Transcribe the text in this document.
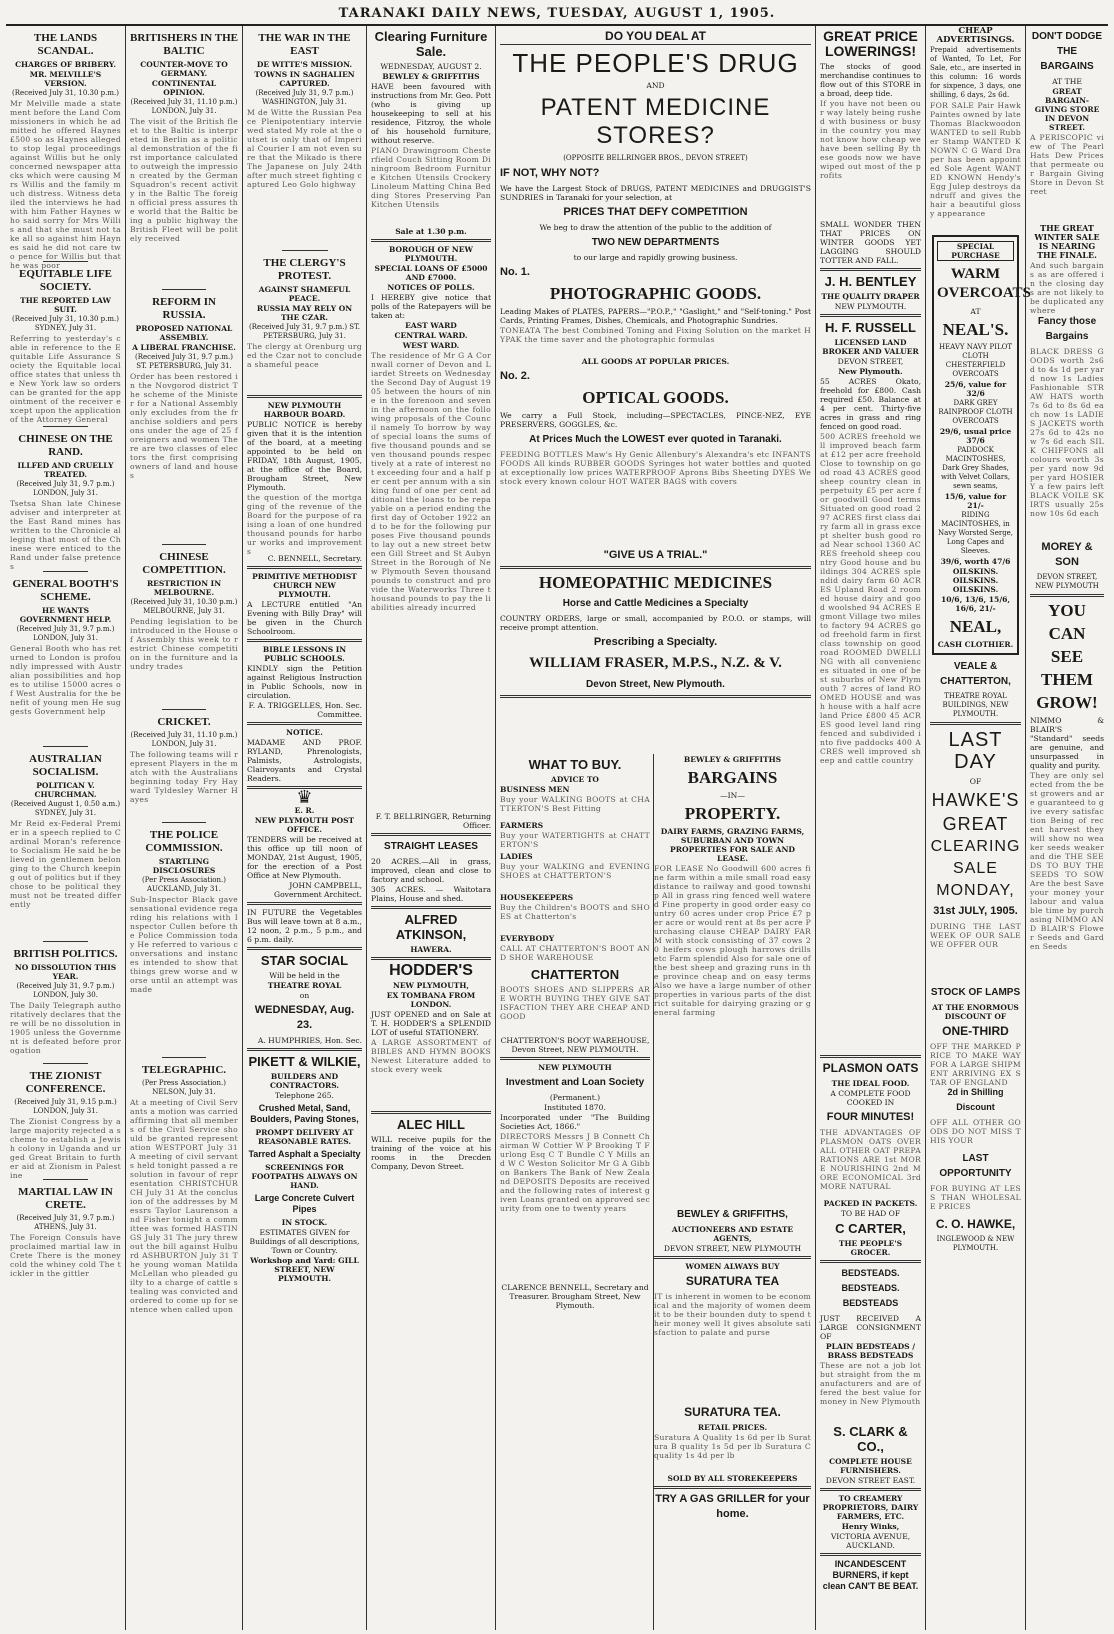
TARANAKI DAILY NEWS, TUESDAY, AUGUST 1, 1905.
THE LANDS SCANDAL.
CHARGES OF BRIBERY.
MR. MELVILLE'S VERSION.
(Received July 31, 10.30 p.m.)
Mr Melville made a statement before the Land Commissioners in which he admitted he offered Haynes £500 so as Haynes alleged to stop legal proceedings against Willis but he only concerned newspaper attacks which were causing Mrs Willis and the family much distress. Witness detailed the interviews he had with him Father Haynes who said sorry for Mrs Willis and that she must not take all so against him Haynes said he did not care two pence for Willis but that he was poor
EQUITABLE LIFE SOCIETY.
THE REPORTED LAW SUIT.
(Received July 31, 10.30 p.m.) SYDNEY, July 31.
Referring to yesterday's cable in reference to the Equitable Life Assurance Society the Equitable local office states that unless the New York law so orders can be granted for the appointment of the receiver except upon the application of the Attorney General
CHINESE ON THE RAND.
ILLFED AND CRUELLY TREATED.
(Received July 31, 9.7 p.m.) LONDON, July 31.
Tsetsa Shan late Chinese adviser and interpreter at the East Rand mines has written to the Chronicle alleging that most of the Chinese were enticed to the Rand under false pretences
GENERAL BOOTH'S SCHEME.
HE WANTS GOVERNMENT HELP.
(Received July 31, 9.7 p.m.) LONDON, July 31.
General Booth who has returned to London is profoundly impressed with Australian possibilities and hopes to utilise 15000 acres of West Australia for the benefit of young men He suggests Government help
AUSTRALIAN SOCIALISM.
POLITICAN V. CHURCHMAN.
(Received August 1, 0.50 a.m.) SYDNEY, July 31.
Mr Reid ex-Federal Premier in a speech replied to Cardinal Moran's reference to Socialism He said he believed in gentlemen belonging to the Church keeping out of politics but if they chose to be political they must not be treated differently
BRITISH POLITICS.
NO DISSOLUTION THIS YEAR.
(Received July 31, 9.7 p.m.) LONDON, July 30.
The Daily Telegraph authoritatively declares that there will be no dissolution in 1905 unless the Government is defeated before prorogation
THE ZIONIST CONFERENCE.
(Received July 31, 9.15 p.m.) LONDON, July 31.
The Zionist Congress by a large majority rejected a scheme to establish a Jewish colony in Uganda and urged Great Britain to further aid at Zionism in Palestine
MARTIAL LAW IN CRETE.
(Received July 31, 9.7 p.m.) ATHENS, July 31.
The Foreign Consuls have proclaimed martial law in Crete There is the money cold the whiney cold The tickler in the gittler
BRITISHERS IN THE BALTIC
COUNTER-MOVE TO GERMANY.
CONTINENTAL OPINION.
(Received July 31, 11.10 p.m.) LONDON, July 31.
The visit of the British fleet to the Baltic is interpreted in Berlin as a political demonstration of the first importance calculated to outweigh the impression created by the German Squadron's recent activity in the Baltic The foreign official press assures the world that the Baltic being a public highway the British Fleet will be politely received
REFORM IN RUSSIA.
PROPOSED NATIONAL ASSEMBLY.
A LIBERAL FRANCHISE.
(Received July 31, 9.7 p.m.) ST. PETERSBURG, July 31.
Order has been restored in the Novgorod district The scheme of the Minister for a National Assembly only excludes from the franchise soldiers and persons under the age of 25 foreigners and women There are two classes of electors the first comprising owners of land and houses
CHINESE COMPETITION.
RESTRICTION IN MELBOURNE.
(Received July 31, 10.30 p.m.) MELBOURNE, July 31.
Pending legislation to be introduced in the House of Assembly this week to restrict Chinese competition in the furniture and laundry trades
CRICKET.
(Received July 31, 11.10 p.m.) LONDON, July 31.
The following teams will represent Players in the match with the Australians beginning today Fry Hayward Tyldesley Warner Hayes
THE POLICE COMMISSION.
STARTLING DISCLOSURES
(Per Press Association.) AUCKLAND, July 31.
Sub-Inspector Black gave sensational evidence regarding his relations with Inspector Cullen before the Police Commission today He referred to various conversations and instances intended to show that things grew worse and worse until an attempt was made
TELEGRAPHIC.
(Per Press Association.) NELSON, July 31.
At a meeting of Civil Servants a motion was carried affirming that all members of the Civil Service should be granted representation WESTPORT July 31 A meeting of civil servants held tonight passed a resolution in favour of representation CHRISTCHURCH July 31 At the conclusion of the addresses by Messrs Taylor Laurenson and Fisher tonight a committee was formed HASTINGS July 31 The jury threw out the bill against Hulburd ASHBURTON July 31 The young woman Matilda McLellan who pleaded guilty to a charge of cattle stealing was convicted and ordered to come up for sentence when called upon
THE WAR IN THE EAST
DE WITTE'S MISSION.
TOWNS IN SAGHALIEN CAPTURED.
(Received July 31, 9.7 p.m.) WASHINGTON, July 31.
M de Witte the Russian Peace Plenipotentiary interviewed stated My role at the outset is only that of Imperial Courier I am not even sure that the Mikado is there The Japanese on July 24th after much street fighting captured Leo Golo highway
THE CLERGY'S PROTEST.
AGAINST SHAMEFUL PEACE.
RUSSIA MAY RELY ON THE CZAR.
(Received July 31, 9.7 p.m.) ST. PETERSBURG, July 31.
The clergy at Orenburg urged the Czar not to conclude a shameful peace
NEW PLYMOUTH HARBOUR BOARD.
PUBLIC NOTICE is hereby given that it is the intention of the board, at a meeting appointed to be held on FRIDAY, 18th August, 1905, at the office of the Board, Brougham Street, New Plymouth.
the question of the mortgaging of the revenue of the Board for the purpose of raising a loan of one hundred thousand pounds for harbour works and improvements
C. BENNELL, Secretary.
PRIMITIVE METHODIST CHURCH NEW PLYMOUTH.
A LECTURE entitled "An Evening with Billy Dray" will be given in the Church Schoolroom.
BIBLE LESSONS IN PUBLIC SCHOOLS.
KINDLY sign the Petition against Religious Instruction in Public Schools, now in circulation.
F. A. TRIGGELLES, Hon. Sec. Committee.
NOTICE.
MADAME AND PROF. RYLAND, Phrenologists, Palmists, Astrologists, Clairvoyants and Crystal Readers.
♛
E. R.
NEW PLYMOUTH POST OFFICE.
TENDERS will be received at this office up till noon of MONDAY, 21st August, 1905, for the erection of a Post Office at New Plymouth.
JOHN CAMPBELL, Government Architect.
IN FUTURE the Vegetables Bus will leave town at 8 a.m., 12 noon, 2 p.m., 5 p.m., and 6 p.m. daily.
STAR SOCIAL
Will be held in the
THEATRE ROYAL
on
WEDNESDAY, Aug. 23.
A. HUMPHRIES, Hon. Sec.
PIKETT & WILKIE,
BUILDERS AND CONTRACTORS.
Telephone 265.
Crushed Metal, Sand, Boulders, Paving Stones,
PROMPT DELIVERY AT REASONABLE RATES.
Tarred Asphalt a Specialty
SCREENINGS FOR FOOTPATHS ALWAYS ON HAND.
Large Concrete Culvert Pipes
IN STOCK.
ESTIMATES GIVEN for Buildings of all descriptions, Town or Country.
Workshop and Yard: GILL STREET, NEW PLYMOUTH.
Clearing Furniture Sale.
WEDNESDAY, AUGUST 2.
BEWLEY & GRIFFITHS
HAVE been favoured with instructions from Mr. Geo. Pott (who is giving up housekeeping to sell at his residence, Fitzroy, the whole of his household furniture, without reserve.
PIANO Drawingroom Chesterfield Couch Sitting Room Diningroom Bedroom Furniture Kitchen Utensils Crockery Linoleum Matting China Bedding Stores Preserving Pan Kitchen Utensils
Sale at 1.30 p.m.
BOROUGH OF NEW PLYMOUTH.
SPECIAL LOANS OF £5000 AND £7000.
NOTICES OF POLLS.
I HEREBY give notice that polls of the Ratepayers will be taken at:
EAST WARD
CENTRAL WARD.
WEST WARD.
The residence of Mr G A Cornwall corner of Devon and Liardet Streets on Wednesday the Second Day of August 1905 between the hours of nine in the forenoon and seven in the afternoon on the following proposals of the Council namely To borrow by way of special loans the sums of five thousand pounds and seven thousand pounds respectively at a rate of interest not exceeding four and a half per cent per annum with a sinking fund of one per cent additional the loans to be repayable on a period ending the first day of October 1922 and to be for the following purposes Five thousand pounds to lay out a new street between Gill Street and St Aubyn Street in the Borough of New Plymouth Seven thousand pounds to construct and provide the Waterworks Three thousand pounds to pay the liabilities already incurred
F. T. BELLRINGER, Returning Officer.
STRAIGHT LEASES
20 ACRES.—All in grass, improved, clean and close to factory and school.
305 ACRES. — Waitotara Plains, House and shed.
ALFRED ATKINSON,
HAWERA.
HODDER'S
NEW PLYMOUTH,
EX TOMBANA FROM LONDON.
JUST OPENED and on Sale at T. H. HODDER'S a SPLENDID LOT of useful STATIONERY.
A LARGE ASSORTMENT of BIBLES AND HYMN BOOKS Newest Literature added to stock every week
ALEC HILL
WILL receive pupils for the training of the voice at his rooms in the Drecden Company, Devon Street.
DO YOU DEAL AT
THE PEOPLE'S DRUG
AND
PATENT MEDICINE STORES?
(OPPOSITE BELLRINGER BROS., DEVON STREET)
IF NOT, WHY NOT?
We have the Largest Stock of DRUGS, PATENT MEDICINES and DRUGGIST'S SUNDRIES in Taranaki for your selection, at
PRICES THAT DEFY COMPETITION
We beg to draw the attention of the public to the addition of
TWO NEW DEPARTMENTS
to our large and rapidly growing business.
No. 1.
PHOTOGRAPHIC GOODS.
Leading Makes of PLATES, PAPERS—"P.O.P.," "Gaslight," and "Self-toning." Post Cards, Printing Frames, Dishes, Chemicals, and Photographic Sundries.
TONEATA The best Combined Toning and Fixing Solution on the market HYPAK the time saver and the photographic formulas
ALL GOODS AT POPULAR PRICES.
No. 2.
OPTICAL GOODS.
We carry a Full Stock, including—SPECTACLES, PINCE-NEZ, EYE PRESERVERS, GOGGLES, &c.
At Prices Much the LOWEST ever quoted in Taranaki.
FEEDING BOTTLES Maw's Hy Genic Allenbury's Alexandra's etc INFANTS FOODS All kinds RUBBER GOODS Syringes hot water bottles and quoted at exceptionally low prices WATERPROOF Aprons Bibs Sheeting DYES We stock every known colour HOT WATER BAGS with covers
"GIVE US A TRIAL."
HOMEOPATHIC MEDICINES
Horse and Cattle Medicines a Specialty
COUNTRY ORDERS, large or small, accompanied by P.O.O. or stamps, will receive prompt attention.
Prescribing a Specialty.
WILLIAM FRASER, M.P.S., N.Z. & V.
Devon Street, New Plymouth.
WHAT TO BUY.
ADVICE TO
BUSINESS MEN
Buy your WALKING BOOTS at CHATTERTON'S Best Fitting
FARMERS
Buy your WATERTIGHTS at CHATTERTON'S
LADIES
Buy your WALKING and EVENING SHOES at CHATTERTON'S
HOUSEKEEPERS
Buy the Children's BOOTS and SHOES at Chatterton's
EVERYBODY
CALL AT CHATTERTON'S BOOT AND SHOE WAREHOUSE
CHATTERTON
BOOTS SHOES AND SLIPPERS ARE WORTH BUYING THEY GIVE SATISFACTION THEY ARE CHEAP AND GOOD
CHATTERTON'S BOOT WAREHOUSE, Devon Street, NEW PLYMOUTH.
NEW PLYMOUTH
Investment and Loan Society
(Permanent.)
Instituted 1870.
Incorporated under "The Building Societies Act, 1866."
DIRECTORS Messrs J B Connett Chairman W Cottier W P Brooking T Furlong Esq C T Bundle C Y Mills and W C Weston Solicitor Mr G A Gibbon Bankers The Bank of New Zealand DEPOSITS Deposits are received and the following rates of interest given Loans granted on approved security from one to twenty years
CLARENCE BENNELL, Secretary and Treasurer. Brougham Street, New Plymouth.
BEWLEY & GRIFFITHS
BARGAINS
—IN—
PROPERTY.
DAIRY FARMS, GRAZING FARMS, SUBURBAN AND TOWN PROPERTIES FOR SALE AND LEASE.
FOR LEASE No Goodwill 600 acres fine farm within a mile small road easy distance to railway and good township All in grass ring fenced well watered Fine property in good order easy country 60 acres under crop Price £7 per acre or would rent at 8s per acre Purchasing clause CHEAP DAIRY FARM with stock consisting of 37 cows 20 heifers cows plough harrows drills etc Farm splendid Also for sale one of the best sheep and grazing runs in the province cheap and on easy terms Also we have a large number of other properties in various parts of the district suitable for dairying grazing or general farming
BEWLEY & GRIFFITHS,
AUCTIONEERS AND ESTATE AGENTS,
DEVON STREET, NEW PLYMOUTH
WOMEN ALWAYS BUY
SURATURA TEA
IT is inherent in women to be economical and the majority of women deem it to be their bounden duty to spend their money well It gives absolute satisfaction to palate and purse
SURATURA TEA.
RETAIL PRICES.
Suratura A Quality 1s 6d per lb Suratura B quality 1s 5d per lb Suratura C quality 1s 4d per lb
SOLD BY ALL STOREKEEPERS
TRY A GAS GRILLER for your home.
GREAT PRICE LOWERINGS!
The stocks of good merchandise continues to flow out of this STORE in a broad, deep tide.
If you have not been our way lately being rushed with business or busy in the country you may not know how cheap we have been selling By these goods now we have wiped out most of the profits
SMALL WONDER THEN THAT PRICES ON WINTER GOODS YET LAGGING SHOULD TOTTER AND FALL.
J. H. BENTLEY
THE QUALITY DRAPER
NEW PLYMOUTH.
H. F. RUSSELL
LICENSED LAND BROKER AND VALUER
DEVON STREET,
New Plymouth.
55 ACRES Okato, freehold for £800. Cash required £50. Balance at 4 per cent. Thirty-five acres in grass and ring fenced on good road.
500 ACRES freehold well improved beach farm at £12 per acre freehold Close to township on good road 43 ACRES good sheep country clean in perpetuity £5 per acre for goodwill Good terms Situated on good road 297 ACRES first class dairy farm all in grass except shelter bush good road Near school 1360 ACRES freehold sheep country Good house and buildings 304 ACRES splendid dairy farm 60 ACRES Upland Road 2 roomed house dairy and good woolshed 94 ACRES Egmont Village two miles to factory 94 ACRES good freehold farm in first class township on good road ROOMED DWELLING with all conveniences situated in one of best suburbs of New Plymouth 7 acres of land ROOMED HOUSE and wash house with a half acre land Price £800 45 ACRES good level land ring fenced and subdivided into five paddocks 400 ACRES well improved sheep and cattle country
PLASMON OATS
THE IDEAL FOOD.
A COMPLETE FOOD COOKED IN
FOUR MINUTES!
THE ADVANTAGES OF PLASMON OATS OVER ALL OTHER OAT PREPARATIONS ARE 1st MORE NOURISHING 2nd MORE ECONOMICAL 3rd MORE NATURAL
PACKED IN PACKETS.
TO BE HAD OF
C CARTER,
THE PEOPLE'S GROCER.
BEDSTEADS. BEDSTEADS. BEDSTEADS
JUST RECEIVED A LARGE CONSIGNMENT OF
PLAIN BEDSTEADS / BRASS BEDSTEADS
These are not a job lot but straight from the manufacturers and are offered the best value for money in New Plymouth
S. CLARK & CO.,
COMPLETE HOUSE FURNISHERS.
DEVON STREET EAST.
TO CREAMERY PROPRIETORS, DAIRY FARMERS, ETC.
Henry Winks,
VICTORIA AVENUE, AUCKLAND.
INCANDESCENT BURNERS, if kept clean CAN'T BE BEAT.
CHEAP ADVERTISINGS.
Prepaid advertisements of Wanted, To Let, For Sale, etc., are inserted in this column: 16 words for sixpence, 3 days, one shilling, 6 days, 2s 6d.
FOR SALE Pair Hawk Paintes owned by late Thomas Blackwoodon WANTED to sell Rubber Stamp WANTED KNOWN C G Ward Draper has been appointed Sole Agent WANTED KNOWN Hendy's Egg Julep destroys dandruff and gives the hair a beautiful glossy appearance
SPECIAL PURCHASE
WARM OVERCOATS
AT
NEAL'S.
HEAVY NAVY PILOT CLOTH CHESTERFIELD OVERCOATS
25/6, value for 32/6
DARK GREY RAINPROOF CLOTH OVERCOATS
29/6, usual price 37/6
PADDOCK MACINTOSHES, Dark Grey Shades, with Velvet Collars, sewn seams,
15/6, value for 21/-
RIDING MACINTOSHES, in Navy Worsted Serge, Long Capes and Sleeves.
39/6, worth 47/6
OILSKINS. OILSKINS. OILSKINS.
10/6, 13/6, 15/6, 16/6, 21/-
NEAL,
CASH CLOTHIER.
VEALE & CHATTERTON,
THEATRE ROYAL BUILDINGS, NEW PLYMOUTH.
LAST DAY
OF
HAWKE'S
GREAT
CLEARING
SALE
MONDAY,
31st JULY, 1905.
DURING THE LAST WEEK OF OUR SALE WE OFFER OUR
STOCK OF LAMPS
AT THE ENORMOUS DISCOUNT OF
ONE-THIRD
OFF THE MARKED PRICE TO MAKE WAY FOR A LARGE SHIPMENT ARRIVING EX STAR OF ENGLAND
2d in Shilling Discount
OFF ALL OTHER GOODS DO NOT MISS THIS YOUR
LAST OPPORTUNITY
FOR BUYING AT LESS THAN WHOLESALE PRICES
C. O. HAWKE,
INGLEWOOD & NEW PLYMOUTH.
DON'T DODGE THE BARGAINS
AT THE
GREAT BARGAIN-GIVING STORE IN DEVON STREET.
A PERISCOPIC view of The Pearl Hats Dew Prices that permeate our Bargain Giving Store in Devon Street
THE GREAT WINTER SALE IS NEARING THE FINALE.
And such bargains as are offered in the closing days are not likely to be duplicated anywhere
Fancy those Bargains
BLACK DRESS GOODS worth 2s6d to 4s 1d per yard now 1s Ladies Fashionable STRAW HATS worth 7s 6d to 8s 6d each now 1s LADIES JACKETS worth 27s 6d to 42s now 7s 6d each SILK CHIFFONS all colours worth 3s per yard now 9d per yard HOSIERY a few pairs left BLACK VOILE SKIRTS usually 25s now 10s 6d each
MOREY & SON
DEVON STREET, NEW PLYMOUTH
YOU
CAN
SEE
THEM
GROW!
NIMMO & BLAIR'S "Standard" seeds are genuine, and unsurpassed in quality and purity.
They are only selected from the best growers and are guaranteed to give every satisfaction Being of recent harvest they will show no weaker seeds weaker and die THE SEEDS TO BUY THE SEEDS TO SOW Are the best Save your money your labour and valuable time by purchasing NIMMO AND BLAIR'S Flower Seeds and Garden Seeds
